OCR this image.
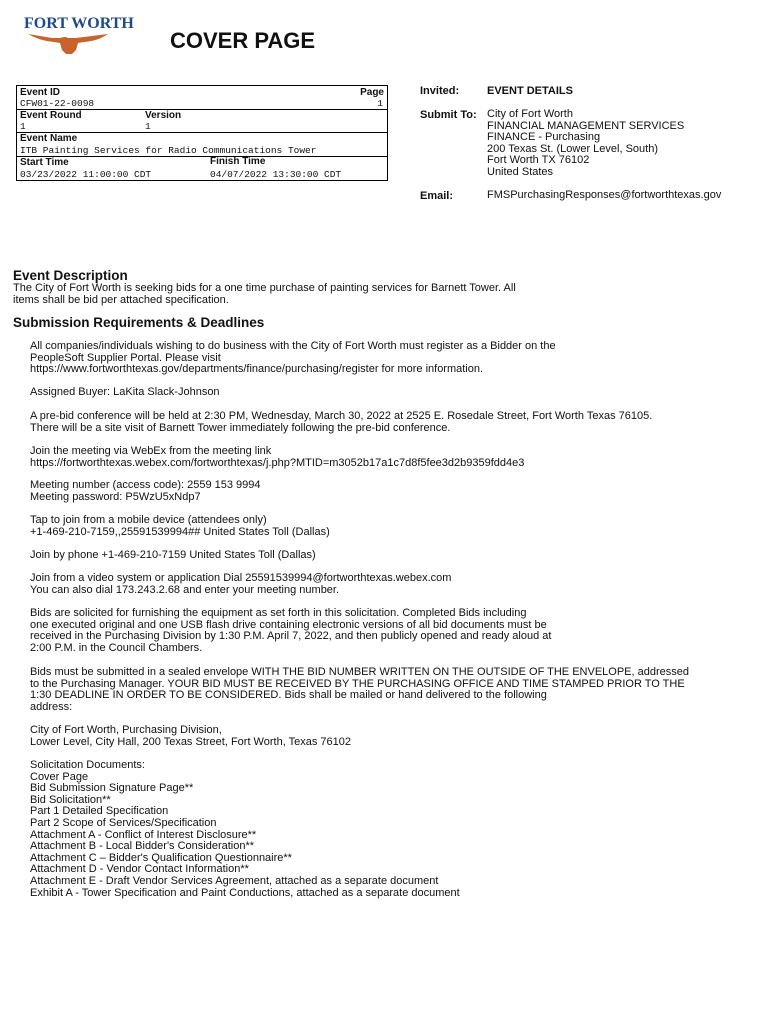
FORT WORTH
COVER PAGE
Event ID
CFW01-22-0098
Page
1
Event Round
1
Version
1
Event Name
ITB Painting Services for Radio Communications Tower
Start Time
03/23/2022 11:00:00 CDT
Finish Time
04/07/2022 13:30:00 CDT
Invited:	EVENT DETAILS
Submit To: City of Fort Worth
FINANCIAL MANAGEMENT SERVICES
FINANCE - Purchasing
200 Texas St. (Lower Level, South)
Fort Worth TX 76102
United States
Email:	FMSPurchasingResponses@fortworthtexas.gov
Event Description
The City of Fort Worth is seeking bids for a one time purchase of painting services for Barnett Tower. All
items shall be bid per attached specification.
Submission Requirements & Deadlines
All companies/individuals wishing to do business with the City of Fort Worth must register as a Bidder on the
PeopleSoft Supplier Portal. Please visit
https://www.fortworthtexas.gov/departments/finance/purchasing/register for more information.
Assigned Buyer: LaKita Slack-Johnson
A pre-bid conference will be held at 2:30 PM, Wednesday, March 30, 2022 at 2525 E. Rosedale Street, Fort Worth Texas 76105.
There will be a site visit of Barnett Tower immediately following the pre-bid conference.
Join the meeting via WebEx from the meeting link
https://fortworthtexas.webex.com/fortworthtexas/j.php?MTID=m3052b17a1c7d8f5fee3d2b9359fdd4e3
Meeting number (access code): 2559 153 9994
Meeting password: P5WzU5xNdp7
Tap to join from a mobile device (attendees only)
+1-469-210-7159,,25591539994## United States Toll (Dallas)
Join by phone +1-469-210-7159 United States Toll (Dallas)
Join from a video system or application Dial 25591539994@fortworthtexas.webex.com
You can also dial 173.243.2.68 and enter your meeting number.
Bids are solicited for furnishing the equipment as set forth in this solicitation. Completed Bids including
one executed original and one USB flash drive containing electronic versions of all bid documents must be
received in the Purchasing Division by 1:30 P.M. April 7, 2022, and then publicly opened and ready aloud at
2:00 P.M. in the Council Chambers.
Bids must be submitted in a sealed envelope WITH THE BID NUMBER WRITTEN ON THE OUTSIDE OF THE ENVELOPE, addressed
to the Purchasing Manager. YOUR BID MUST BE RECEIVED BY THE PURCHASING OFFICE AND TIME STAMPED PRIOR TO THE
1:30 DEADLINE IN ORDER TO BE CONSIDERED. Bids shall be mailed or hand delivered to the following
address:
City of Fort Worth, Purchasing Division,
Lower Level, City Hall, 200 Texas Street, Fort Worth, Texas 76102
Solicitation Documents:
Cover Page
Bid Submission Signature Page**
Bid Solicitation**
Part 1 Detailed Specification
Part 2 Scope of Services/Specification
Attachment A - Conflict of Interest Disclosure**
Attachment B - Local Bidder's Consideration**
Attachment C – Bidder's Qualification Questionnaire**
Attachment D - Vendor Contact Information**
Attachment E - Draft Vendor Services Agreement, attached as a separate document
Exhibit A - Tower Specification and Paint Conductions, attached as a separate document
